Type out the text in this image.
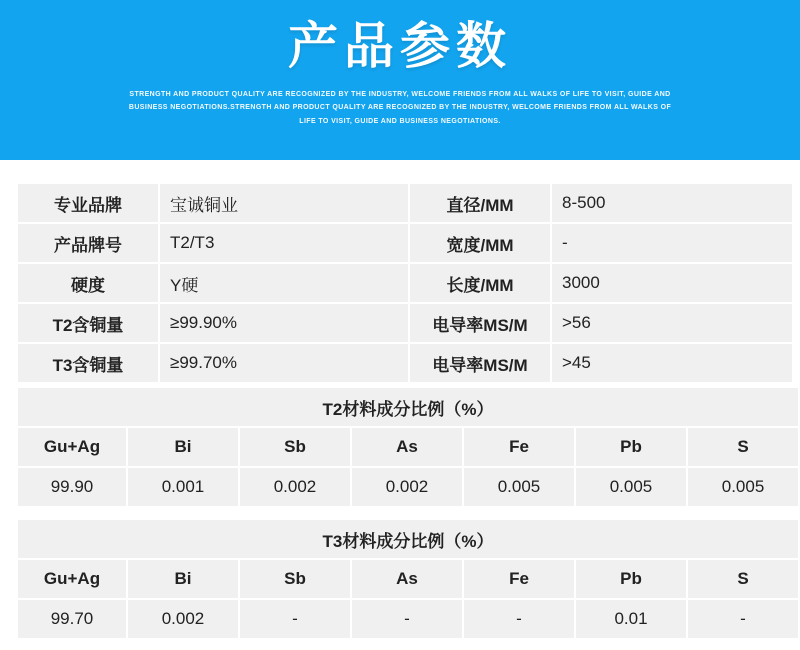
产品参数
STRENGTH AND PRODUCT QUALITY ARE RECOGNIZED BY THE INDUSTRY, WELCOME FRIENDS FROM ALL WALKS OF LIFE TO VISIT, GUIDE AND BUSINESS NEGOTIATIONS.STRENGTH AND PRODUCT QUALITY ARE RECOGNIZED BY THE INDUSTRY, WELCOME FRIENDS FROM ALL WALKS OF LIFE TO VISIT, GUIDE AND BUSINESS NEGOTIATIONS.
专业品牌	宝诚铜业	直径/MM	8-500
产品牌号	T2/T3	宽度/MM	-
硬度	Y硬	长度/MM	3000
T2含铜量	≥99.90%	电导率MS/M	>56
T3含铜量	≥99.70%	电导率MS/M	>45
T2材料成分比例（%）						
Gu+Ag	Bi	Sb	As	Fe	Pb	S
99.90	0.001	0.002	0.002	0.005	0.005	0.005
T3材料成分比例（%）						
Gu+Ag	Bi	Sb	As	Fe	Pb	S
99.70	0.002	-	-	-	0.01	-
